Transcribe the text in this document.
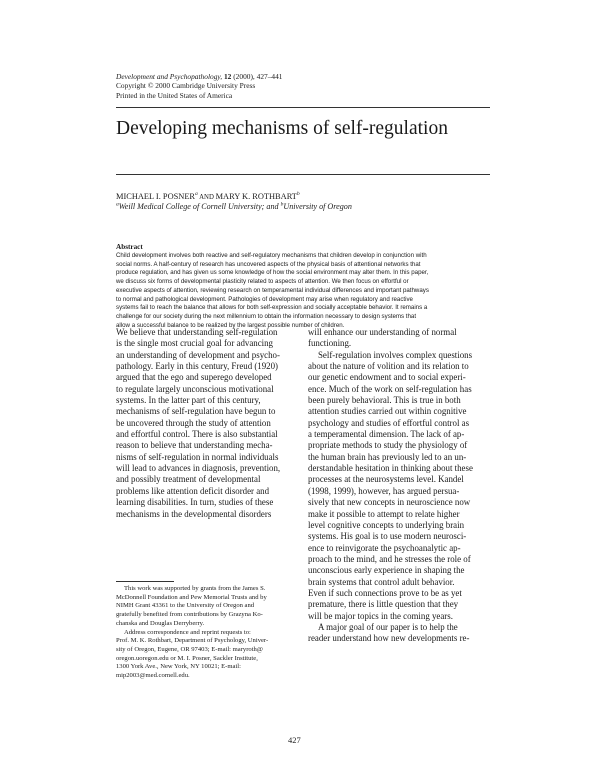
Development and Psychopathology, 12 (2000), 427–441
Copyright © 2000 Cambridge University Press
Printed in the United States of America
Developing mechanisms of self-regulation
MICHAEL I. POSNER$^a$ AND MARY K. ROTHBART$^b$
$^a$Weill Medical College of Cornell University; and $^b$University of Oregon
Abstract
Child development involves both reactive and self-regulatory mechanisms that children develop in conjunction with
social norms. A half-century of research has uncovered aspects of the physical basis of attentional networks that
produce regulation, and has given us some knowledge of how the social environment may alter them. In this paper,
we discuss six forms of developmental plasticity related to aspects of attention. We then focus on effortful or
executive aspects of attention, reviewing research on temperamental individual differences and important pathways
to normal and pathological development. Pathologies of development may arise when regulatory and reactive
systems fail to reach the balance that allows for both self-expression and socially acceptable behavior. It remains a
challenge for our society during the next millennium to obtain the information necessary to design systems that
allow a successful balance to be realized by the largest possible number of children.
We believe that understanding self-regulation
is the single most crucial goal for advancing
an understanding of development and psycho-
pathology. Early in this century, Freud (1920)
argued that the ego and superego developed
to regulate largely unconscious motivational
systems. In the latter part of this century,
mechanisms of self-regulation have begun to
be uncovered through the study of attention
and effortful control. There is also substantial
reason to believe that understanding mecha-
nisms of self-regulation in normal individuals
will lead to advances in diagnosis, prevention,
and possibly treatment of developmental
problems like attention deficit disorder and
learning disabilities. In turn, studies of these
mechanisms in the developmental disorders
will enhance our understanding of normal
functioning.
Self-regulation involves complex questions
about the nature of volition and its relation to
our genetic endowment and to social experi-
ence. Much of the work on self-regulation has
been purely behavioral. This is true in both
attention studies carried out within cognitive
psychology and studies of effortful control as
a temperamental dimension. The lack of ap-
propriate methods to study the physiology of
the human brain has previously led to an un-
derstandable hesitation in thinking about these
processes at the neurosystems level. Kandel
(1998, 1999), however, has argued persua-
sively that new concepts in neuroscience now
make it possible to attempt to relate higher
level cognitive concepts to underlying brain
systems. His goal is to use modern neurosci-
ence to reinvigorate the psychoanalytic ap-
proach to the mind, and he stresses the role of
unconscious early experience in shaping the
brain systems that control adult behavior.
Even if such connections prove to be as yet
premature, there is little question that they
will be major topics in the coming years.
A major goal of our paper is to help the
reader understand how new developments re-
This work was supported by grants from the James S.
McDonnell Foundation and Pew Memorial Trusts and by
NIMH Grant 43361 to the University of Oregon and
gratefully benefited from contributions by Grazyna Ko-
chanska and Douglas Derryberry.
Address correspondence and reprint requests to:
Prof. M. K. Rothbart, Department of Psychology, Univer-
sity of Oregon, Eugene, OR 97403; E-mail: maryroth@
oregon.uoregon.edu or M. I. Posner, Sackler Institute,
1300 York Ave., New York, NY 10021; E-mail:
mip2003@med.cornell.edu.
427
